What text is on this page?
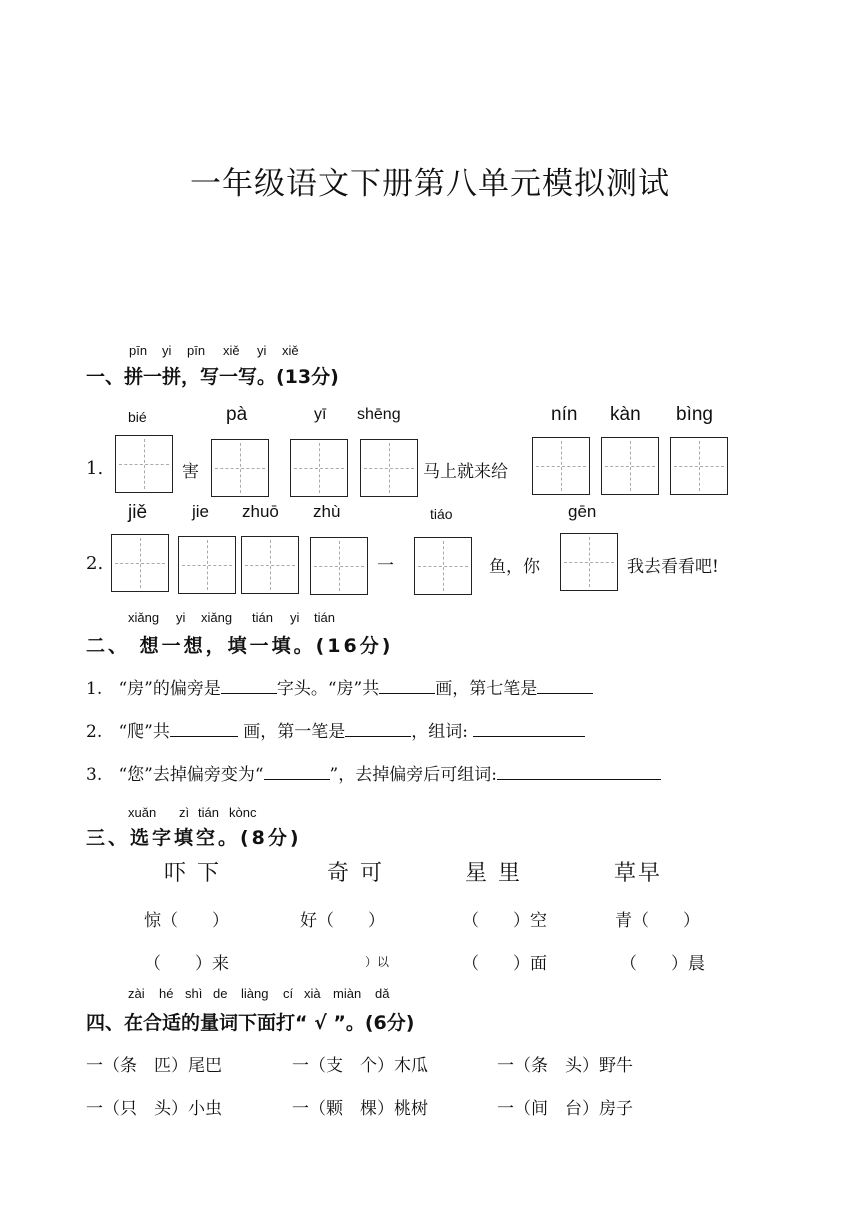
一年级语文下册第八单元模拟测试
pīn yi pīn xiě yi xiě
一、拼一拼，写一写。(13分)
bié	pà	yī shēng	nín kàn bìng
1.	害	马上就来给
jiě	jie zhuō zhù	tiáo	gēn
2.	一	鱼，你	我去看看吧!
xiǎng yi xiǎng tián yi tián
二、 想一想，填一填。(16分)
1. “房”的偏旁是	字头。“房”共	画，第七笔是
2. “爬”共	画，第一笔是	，组词:
3. “您”去掉偏旁变为“	”，去掉偏旁后可组词:
xuǎn zì tián kònc
三、选字填空。(8分)
吓 下	奇 可	星 里	草早
惊（　　）	好（　　）	（　　）空	青（　　）
（　　）来	）以	（　　）面	（　　）晨
zài hé shì de liàng cí xià miàn dǎ
四、在合适的量词下面打“ √ ”。(6分)
一（条　匹）尾巴	一（支　个）木瓜	一（条　头）野牛
一（只　头）小虫	一（颗　棵）桃树	一（间　台）房子
